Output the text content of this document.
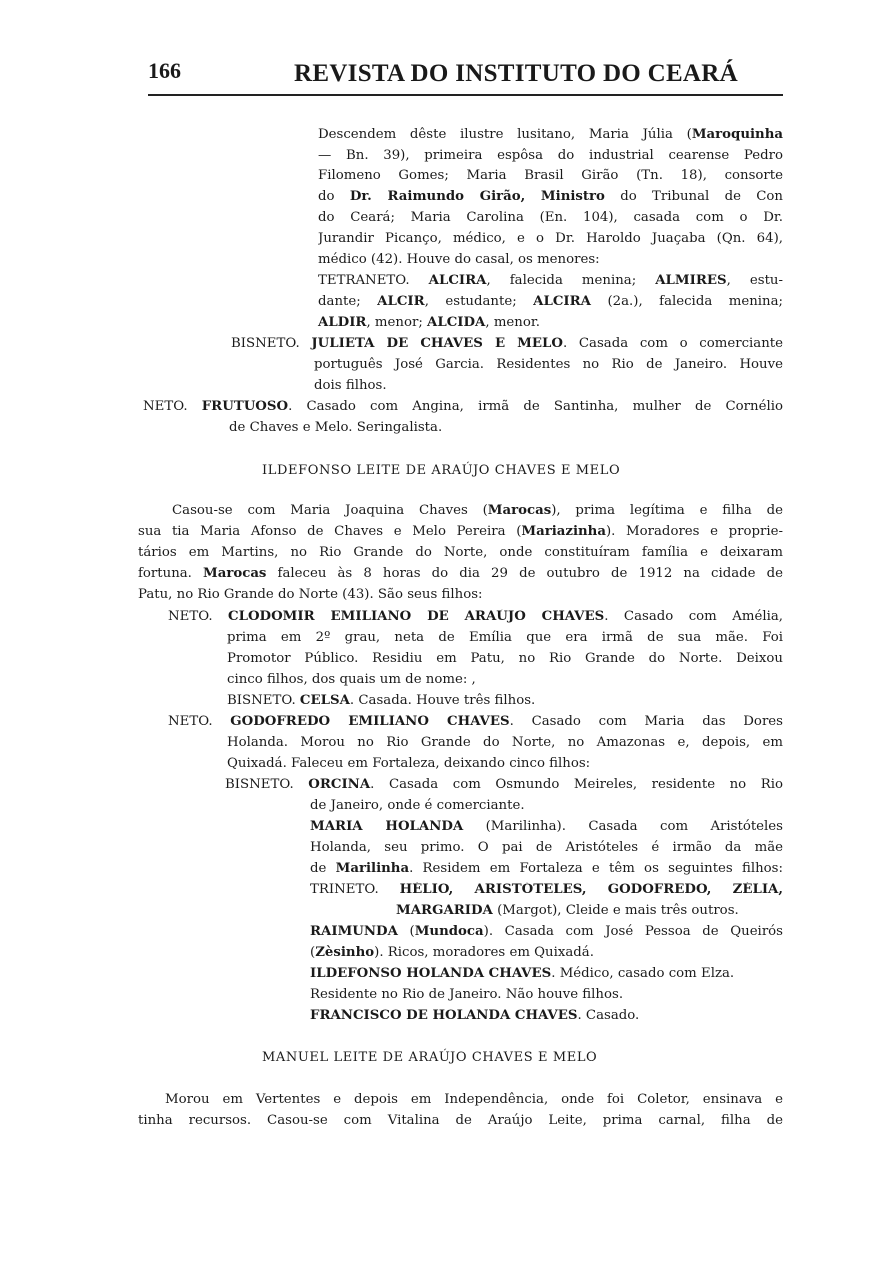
166	REVISTA DO INSTITUTO DO CEARÁ
Descendem dêste ilustre lusitano, Maria Júlia (Maroquinha
— Bn. 39), primeira espôsa do industrial cearense Pedro
Filomeno Gomes; Maria Brasil Girão (Tn. 18), consorte
do Dr. Raimundo Girão, Ministro do Tribunal de Con
do Ceará; Maria Carolina (En. 104), casada com o Dr.
Jurandir Picanço, médico, e o Dr. Haroldo Juaçaba (Qn. 64),
médico (42). Houve do casal, os menores:
TETRANETO. ALCIRA, falecida menina; ALMIRES, estu-
dante; ALCIR, estudante; ALCIRA (2a.), falecida menina;
ALDIR, menor; ALCIDA, menor.
BISNETO. JULIETA DE CHAVES E MELO. Casada com o comerciante
português José Garcia. Residentes no Rio de Janeiro. Houve
dois filhos.
NETO. FRUTUOSO. Casado com Angina, irmã de Santinha, mulher de Cornélio
de Chaves e Melo. Seringalista.
Casou-se com Maria Joaquina Chaves (Marocas), prima legítima e filha de
sua tia Maria Afonso de Chaves e Melo Pereira (Mariazinha). Moradores e proprie-
tários em Martins, no Rio Grande do Norte, onde constituíram família e deixaram
fortuna. Marocas faleceu às 8 horas do dia 29 de outubro de 1912 na cidade de
Patu, no Rio Grande do Norte (43). São seus filhos:
NETO. CLODOMIR EMILIANO DE ARAÚJO CHAVES. Casado com Amélia,
prima em 2º grau, neta de Emília que era irmã de sua mãe. Foi
Promotor Público. Residiu em Patu, no Rio Grande do Norte. Deixou
cinco filhos, dos quais um de nome: ,
BISNETO. CELSA. Casada. Houve três filhos.
NETO. GODOFREDO EMILIANO CHAVES. Casado com Maria das Dores
Holanda. Morou no Rio Grande do Norte, no Amazonas e, depois, em
Quixadá. Faleceu em Fortaleza, deixando cinco filhos:
BISNETO. ORCINA. Casada com Osmundo Meireles, residente no Rio
de Janeiro, onde é comerciante.
MARIA HOLANDA (Marilinha). Casada com Aristóteles
Holanda, seu primo. O pai de Aristóteles é irmão da mãe
de Marilinha. Residem em Fortaleza e têm os seguintes filhos:
TRINETO. HÉLIO, ARISTÓTELES, GODOFREDO, ZÉLIA,
MARGARIDA (Margot), Cleide e mais três outros.
RAIMUNDA (Mundoca). Casada com José Pessoa de Queirós
(Zèsinho). Ricos, moradores em Quixadá.
ILDEFONSO HOLANDA CHAVES. Médico, casado com Elza.
Residente no Rio de Janeiro. Não houve filhos.
FRANCISCO DE HOLANDA CHAVES. Casado.
Morou em Vertentes e depois em Independência, onde foi Coletor, ensinava e
tinha recursos. Casou-se com Vitalina de Araújo Leite, prima carnal, filha de
ILDEFONSO LEITE DE ARAÚJO CHAVES E MELO
MANUEL LEITE DE ARAÚJO CHAVES E MELO
